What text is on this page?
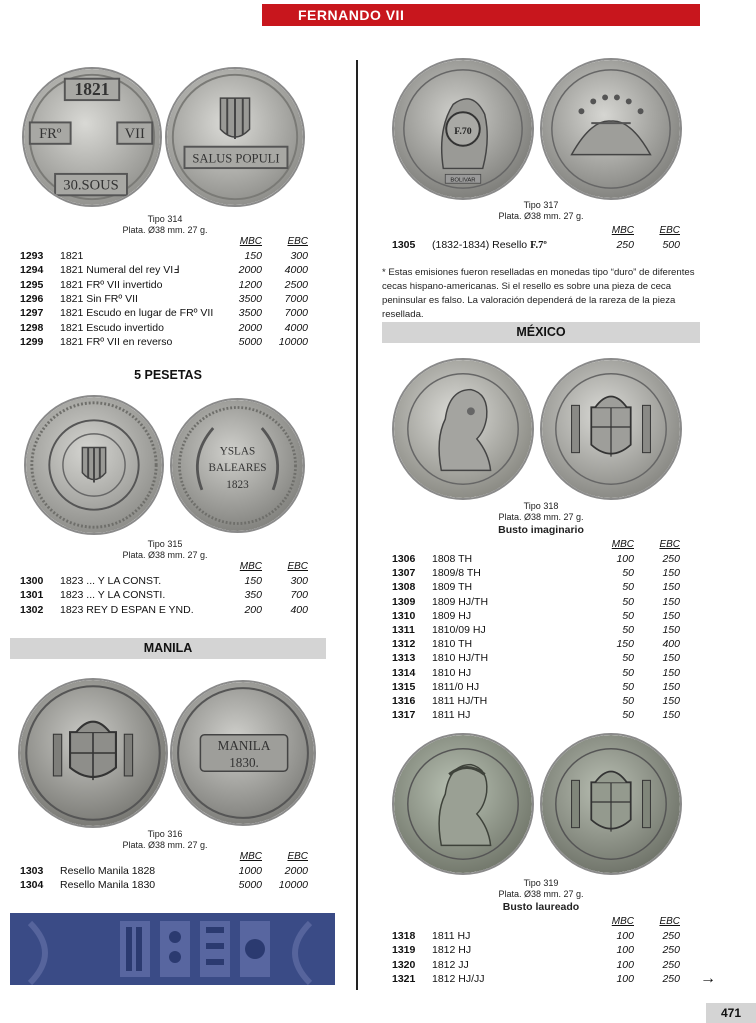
FERNANDO VII
1821
FRº	VII
30.SOUS
SALUS POPULI
Tipo 314
Plata. Ø38 mm. 27 g.
MBC	EBC
1293 1821	150	300
1294 1821 Numeral del rey VIℲ	2000	4000
1295 1821 FRº VII invertido	1200	2500
1296 1821 Sin FRº VII	3500	7000
1297 1821 Escudo en lugar de FRº VII	3500	7000
1298 1821 Escudo invertido	2000	4000
1299 1821 FRº VII en reverso	5000	10000
5 PESETAS
YSLAS
BALEARES
1823
Tipo 315
Plata. Ø38 mm. 27 g.
MBC	EBC
1300 1823 ... Y LA CONST.	150	300
1301 1823 ... Y LA CONSTI.	350	700
1302 1823 REY D ESPAN E YND.	200	400
MANILA
MANILA
1830.
Tipo 316
Plata. Ø38 mm. 27 g.
MBC	EBC
1303 Resello Manila 1828	1000	2000
1304 Resello Manila 1830	5000	10000
F.70
BOLIVAR
Tipo 317
Plata. Ø38 mm. 27 g.
MBC	EBC
1305 (1832-1834) Resello F.7º	250	500
* Estas emisiones fueron reselladas en monedas tipo “duro” de diferentes cecas hispano-americanas. Si el resello es sobre una pieza de ceca peninsular es falso. La valoración dependerá de la rareza de la pieza resellada.
MÉXICO
Tipo 318
Plata. Ø38 mm. 27 g.
Busto imaginario
MBC	EBC
1306 1808 TH	100	250
1307 1809/8 TH	50	150
1308 1809 TH	50	150
1309 1809 HJ/TH	50	150
1310 1809 HJ	50	150
1311 1810/09 HJ	50	150
1312 1810 TH	150	400
1313 1810 HJ/TH	50	150
1314 1810 HJ	50	150
1315 1811/0 HJ	50	150
1316 1811 HJ/TH	50	150
1317 1811 HJ	50	150
Tipo 319
Plata. Ø38 mm. 27 g.
Busto laureado
MBC	EBC
1318 1811 HJ	100	250
1319 1812 HJ	100	250
1320 1812 JJ	100	250
1321 1812 HJ/JJ	100	250 →
471
